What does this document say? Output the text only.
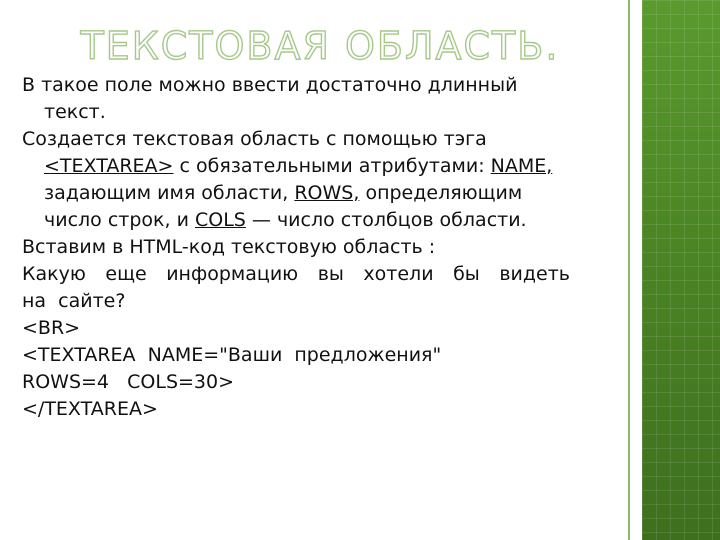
ТЕКСТОВАЯ ОБЛАСТЬ.

В такое поле можно ввести достаточно длинный
текст.

Создается текстовая область с помощью тэга
<TEXTAREA> с обязательными атрибутами: NAME,
задающим имя области, ROWS, определяющим
число строк, и COLS — число столбцов области.

Вставим в HTML-код текстовую область :

Какую еще информацию вы хотели бы видеть

на  сайте?

<BR>

<TEXTAREA  NAME="Ваши  предложения"

ROWS=4   COLS=30>

</TEXTAREA>
